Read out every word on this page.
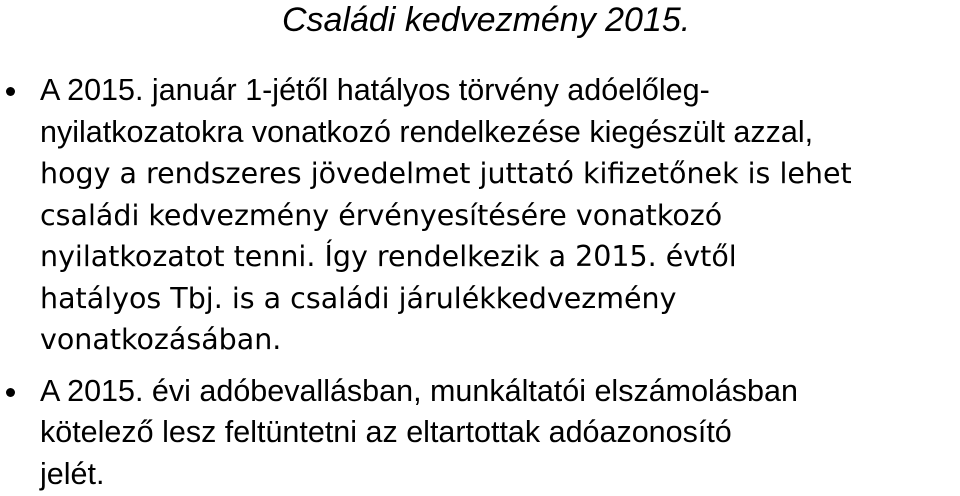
Családi kedvezmény 2015.
A 2015. január 1-jétől hatályos törvény adóelőleg-
nyilatkozatokra vonatkozó rendelkezése kiegészült azzal,
hogy a rendszeres jövedelmet juttató kifizetőnek is lehet
családi kedvezmény érvényesítésére vonatkozó
nyilatkozatot tenni. Így rendelkezik a 2015. évtől
hatályos Tbj. is a családi járulékkedvezmény
vonatkozásában.
A 2015. évi adóbevallásban, munkáltatói elszámolásban
kötelező lesz feltüntetni az eltartottak adóazonosító
jelét.
